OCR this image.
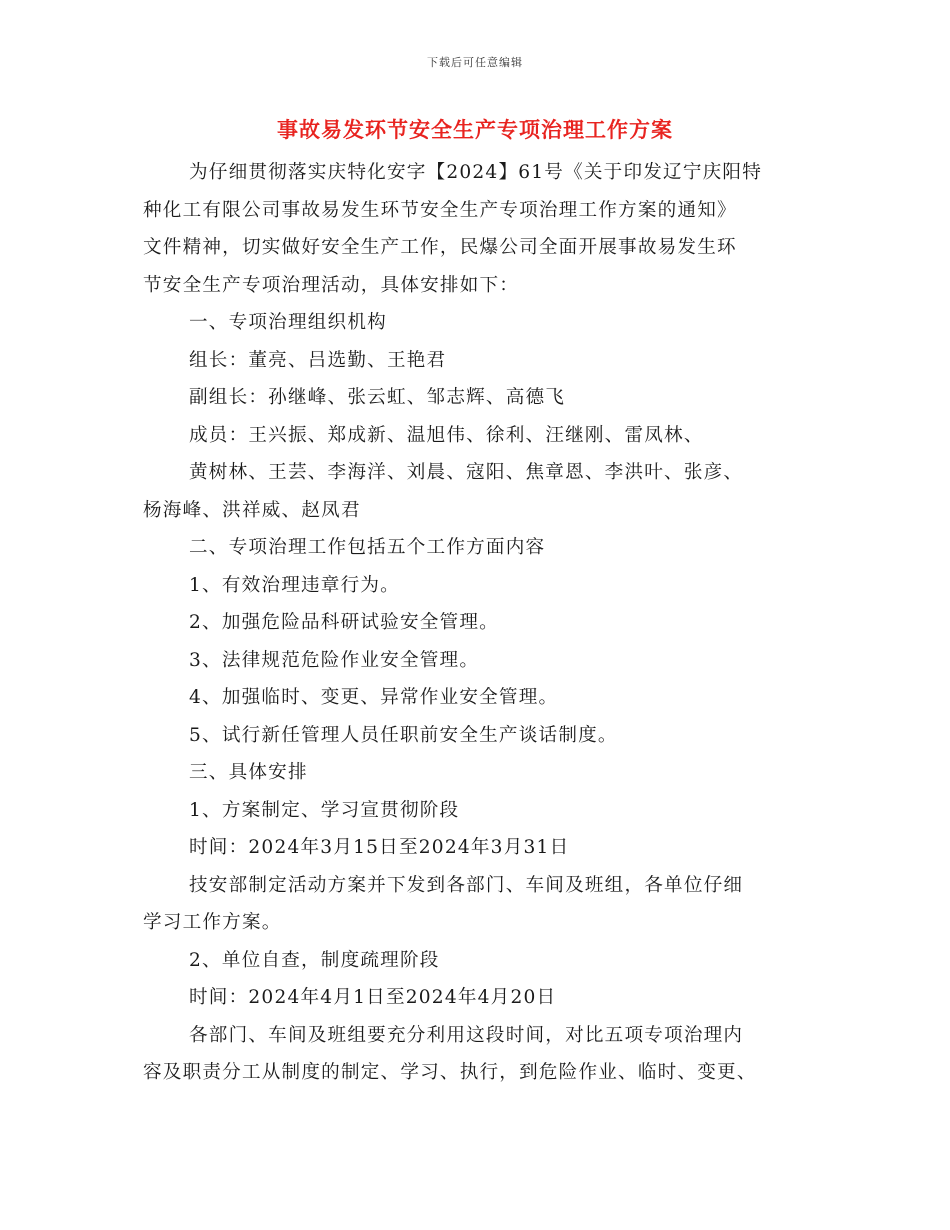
下载后可任意编辑
事故易发环节安全生产专项治理工作方案

为仔细贯彻落实庆特化安字【2024】61号《关于印发辽宁庆阳特

种化工有限公司事故易发生环节安全生产专项治理工作方案的通知》

文件精神，切实做好安全生产工作，民爆公司全面开展事故易发生环

节安全生产专项治理活动，具体安排如下：

一、专项治理组织机构

组长：董亮、吕选勤、王艳君

副组长：孙继峰、张云虹、邹志辉、高德飞

成员：王兴振、郑成新、温旭伟、徐利、汪继刚、雷凤林、

黄树林、王芸、李海洋、刘晨、寇阳、焦章恩、李洪叶、张彦、

杨海峰、洪祥威、赵凤君

二、专项治理工作包括五个工作方面内容

1、有效治理违章行为。

2、加强危险品科研试验安全管理。

3、法律规范危险作业安全管理。

4、加强临时、变更、异常作业安全管理。

5、试行新任管理人员任职前安全生产谈话制度。

三、具体安排

1、方案制定、学习宣贯彻阶段

时间：2024年3月15日至2024年3月31日

技安部制定活动方案并下发到各部门、车间及班组，各单位仔细

学习工作方案。

2、单位自查，制度疏理阶段

时间：2024年4月1日至2024年4月20日

各部门、车间及班组要充分利用这段时间，对比五项专项治理内

容及职责分工从制度的制定、学习、执行，到危险作业、临时、变更、
